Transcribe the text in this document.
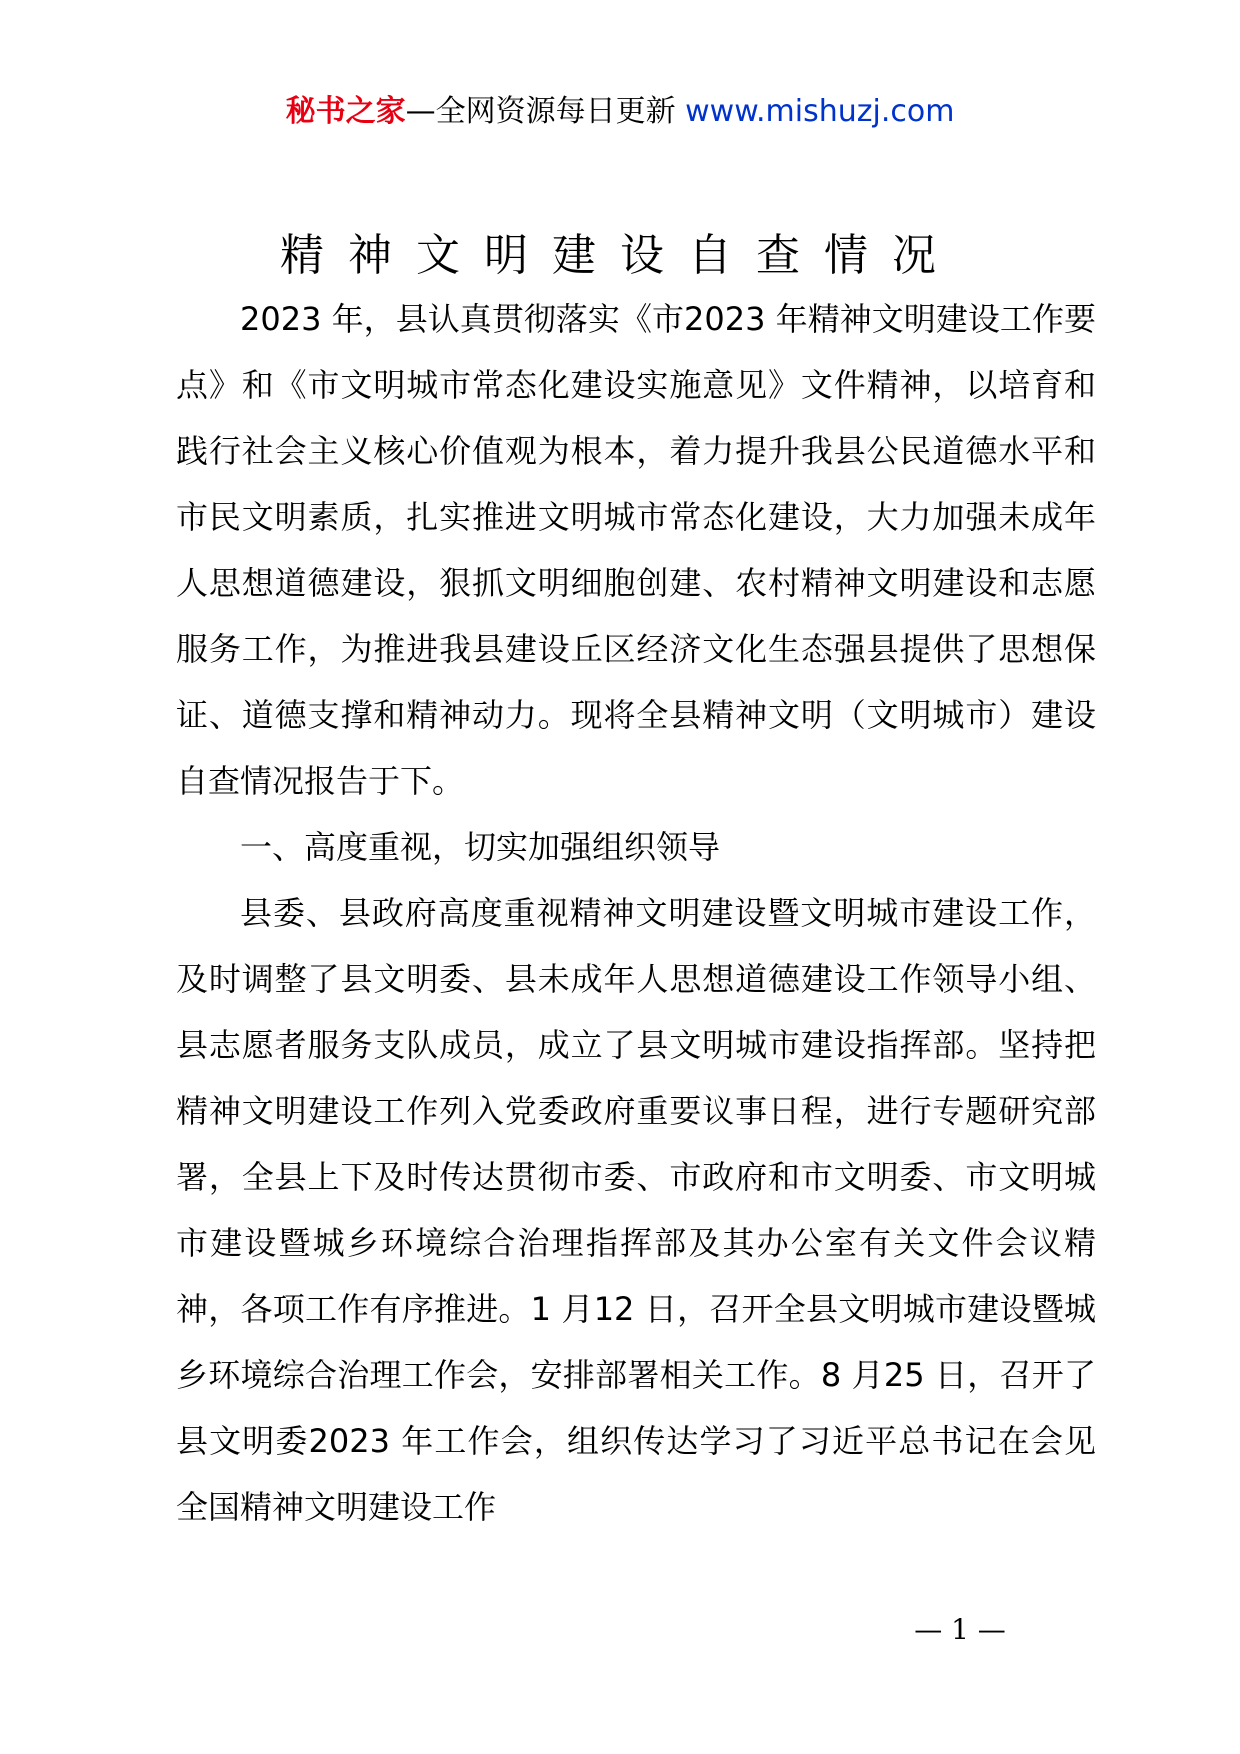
秘书之家—全网资源每日更新 www.mishuzj.com
精神文明建设自查情况

2023 年，县认真贯彻落实《市2023 年精神文明建设工作要点》和《市文明城市常态化建设实施意见》文件精神，以培育和践行社会主义核心价值观为根本，着力提升我县公民道德水平和市民文明素质，扎实推进文明城市常态化建设，大力加强未成年人思想道德建设，狠抓文明细胞创建、农村精神文明建设和志愿服务工作，为推进我县建设丘区经济文化生态强县提供了思想保证、道德支撑和精神动力。现将全县精神文明（文明城市）建设自查情况报告于下。

一、高度重视，切实加强组织领导

县委、县政府高度重视精神文明建设暨文明城市建设工作，及时调整了县文明委、县未成年人思想道德建设工作领导小组、县志愿者服务支队成员，成立了县文明城市建设指挥部。坚持把精神文明建设工作列入党委政府重要议事日程，进行专题研究部署，全县上下及时传达贯彻市委、市政府和市文明委、市文明城市建设暨城乡环境综合治理指挥部及其办公室有关文件会议精神，各项工作有序推进。1 月12 日，召开全县文明城市建设暨城乡环境综合治理工作会，安排部署相关工作。8 月25 日，召开了县文明委2023 年工作会，组织传达学习了习近平总书记在会见全国精神文明建设工作

— 1 —
